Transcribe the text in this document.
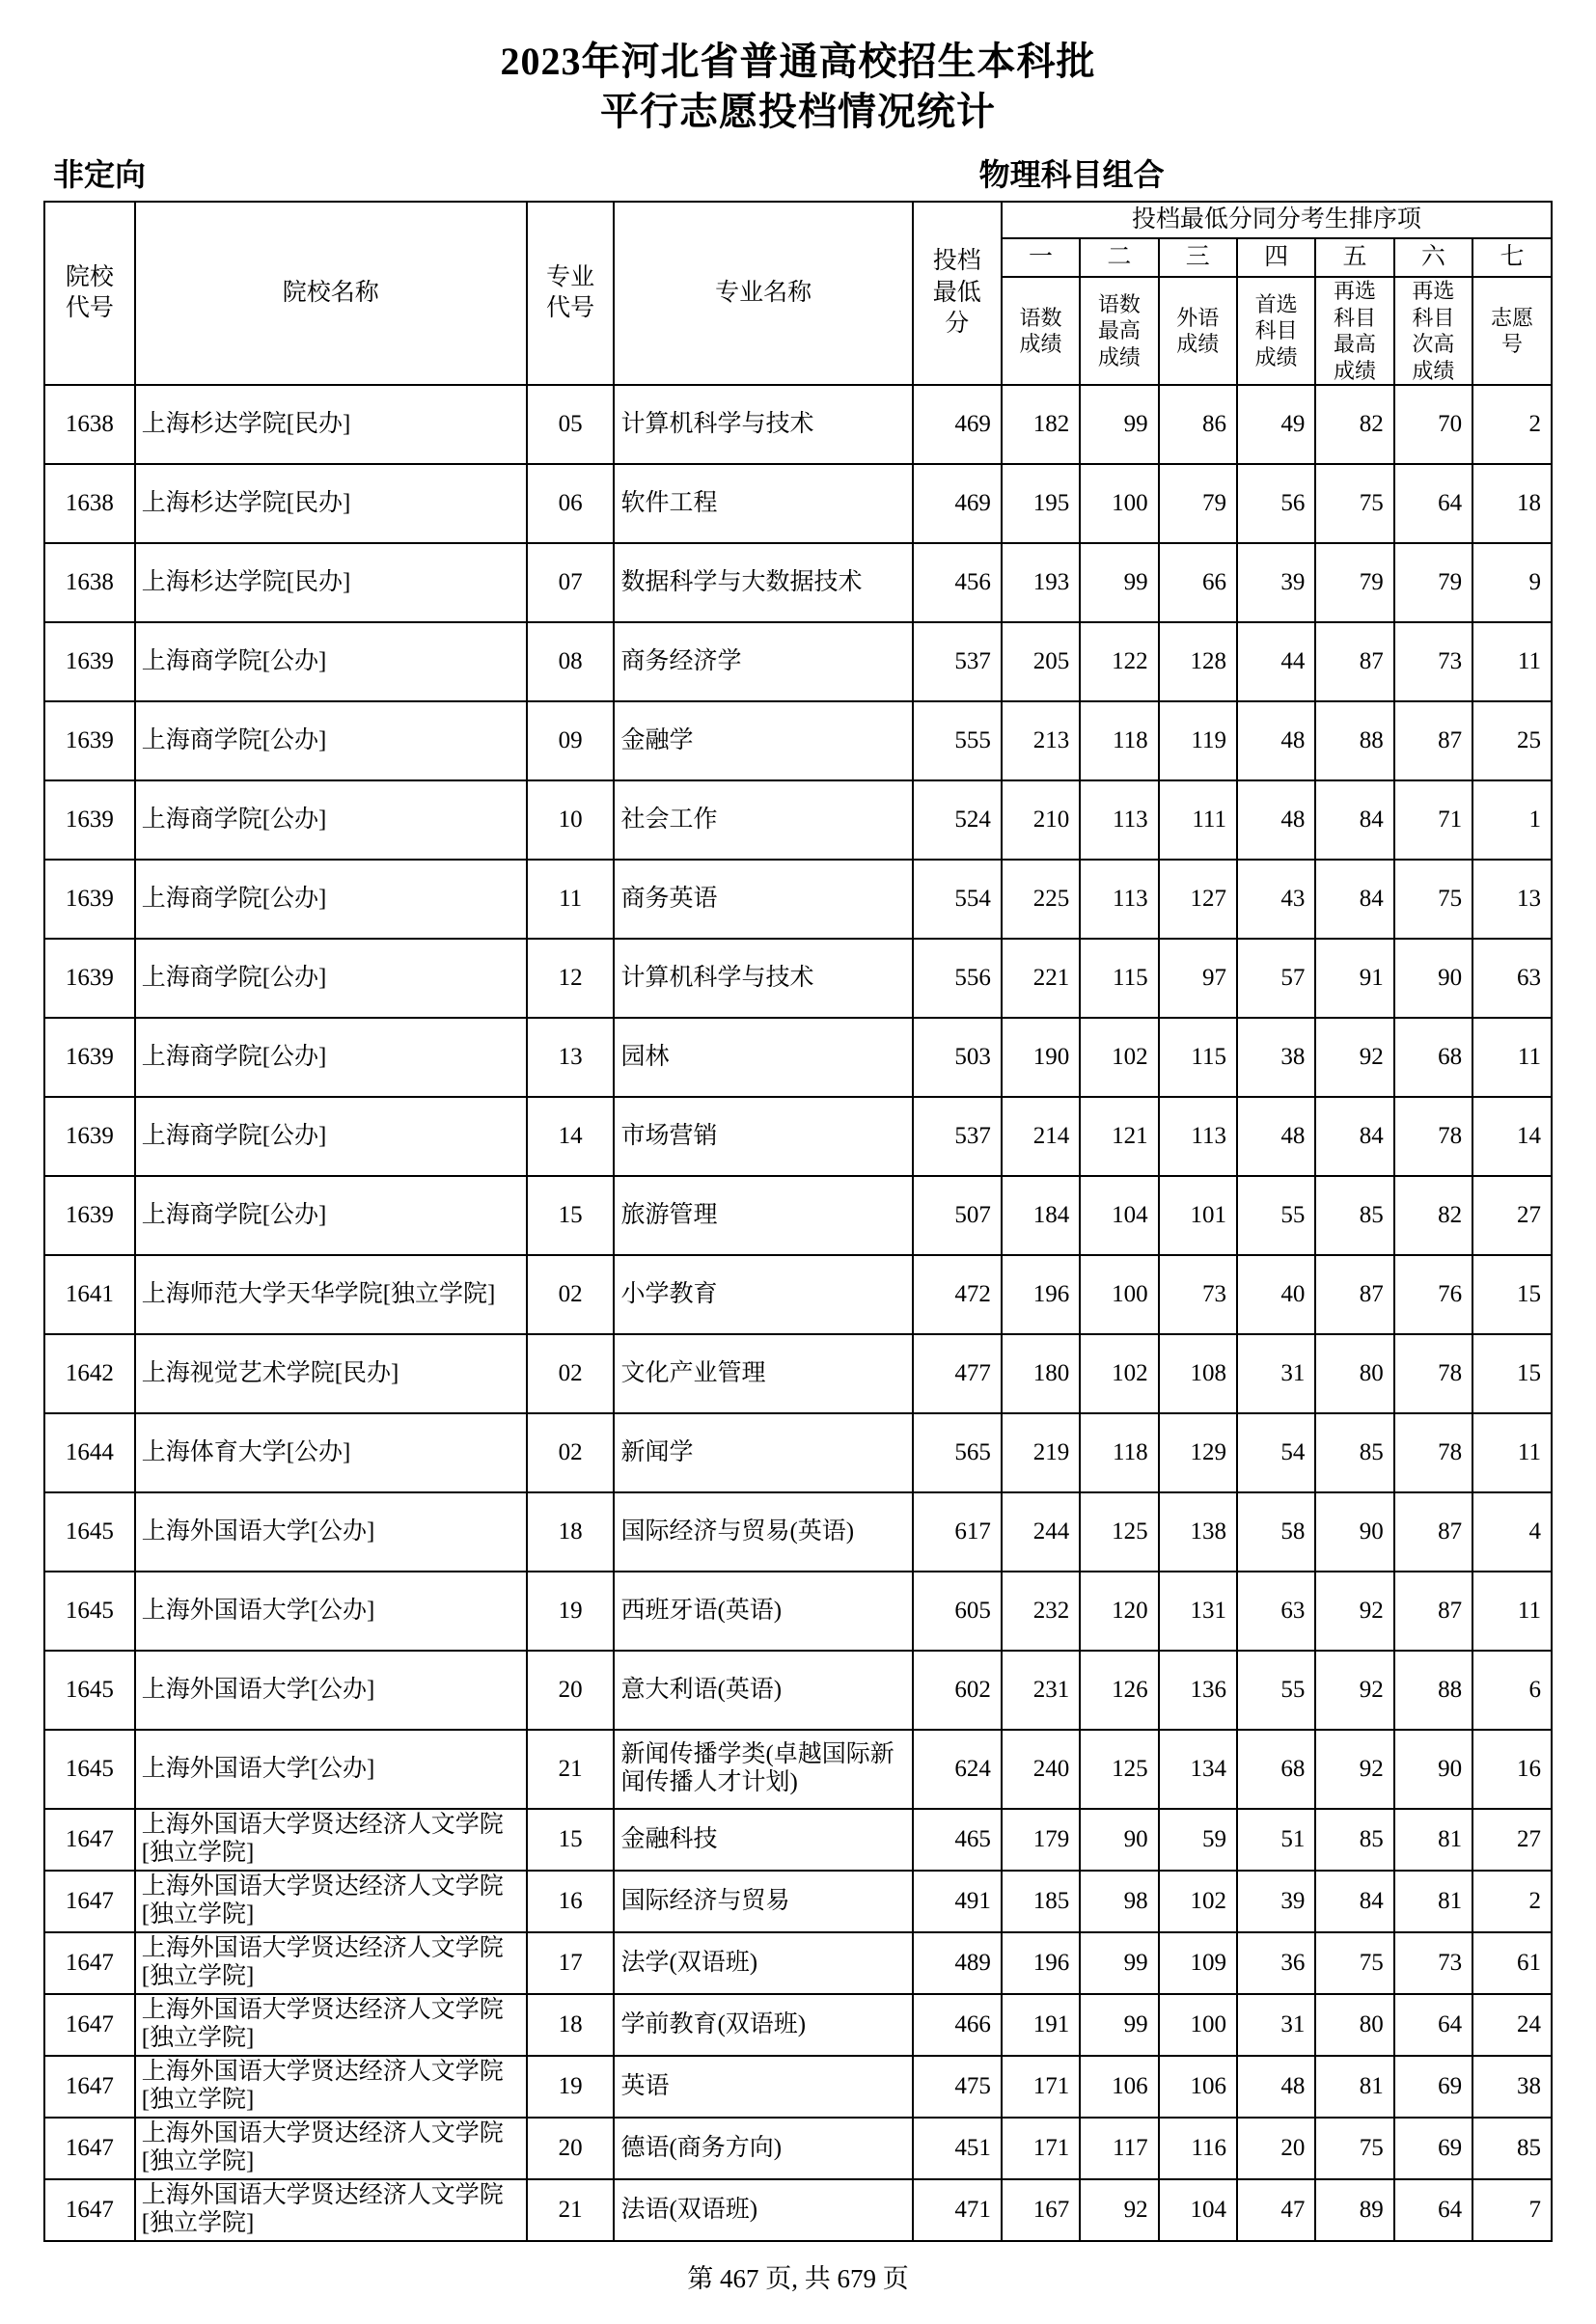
2023年河北省普通高校招生本科批
平行志愿投档情况统计
非定向	物理科目组合
院校代号	院校名称	专业代号	专业名称	投档最低分	投档最低分同分考生排序项						
					一	二	三	四	五	六	七
					语数成绩	语数最高成绩	外语成绩	首选科目成绩	再选科目最高成绩	再选科目次高成绩	志愿号
1638	上海杉达学院[民办]	05	计算机科学与技术	469	182	99	86	49	82	70	2
1638	上海杉达学院[民办]	06	软件工程	469	195	100	79	56	75	64	18
1638	上海杉达学院[民办]	07	数据科学与大数据技术	456	193	99	66	39	79	79	9
1639	上海商学院[公办]	08	商务经济学	537	205	122	128	44	87	73	11
1639	上海商学院[公办]	09	金融学	555	213	118	119	48	88	87	25
1639	上海商学院[公办]	10	社会工作	524	210	113	111	48	84	71	1
1639	上海商学院[公办]	11	商务英语	554	225	113	127	43	84	75	13
1639	上海商学院[公办]	12	计算机科学与技术	556	221	115	97	57	91	90	63
1639	上海商学院[公办]	13	园林	503	190	102	115	38	92	68	11
1639	上海商学院[公办]	14	市场营销	537	214	121	113	48	84	78	14
1639	上海商学院[公办]	15	旅游管理	507	184	104	101	55	85	82	27
1641	上海师范大学天华学院[独立学院]	02	小学教育	472	196	100	73	40	87	76	15
1642	上海视觉艺术学院[民办]	02	文化产业管理	477	180	102	108	31	80	78	15
1644	上海体育大学[公办]	02	新闻学	565	219	118	129	54	85	78	11
1645	上海外国语大学[公办]	18	国际经济与贸易(英语)	617	244	125	138	58	90	87	4
1645	上海外国语大学[公办]	19	西班牙语(英语)	605	232	120	131	63	92	87	11
1645	上海外国语大学[公办]	20	意大利语(英语)	602	231	126	136	55	92	88	6
1645	上海外国语大学[公办]	21	新闻传播学类(卓越国际新闻传播人才计划)	624	240	125	134	68	92	90	16
1647	上海外国语大学贤达经济人文学院[独立学院]	15	金融科技	465	179	90	59	51	85	81	27
1647	上海外国语大学贤达经济人文学院[独立学院]	16	国际经济与贸易	491	185	98	102	39	84	81	2
1647	上海外国语大学贤达经济人文学院[独立学院]	17	法学(双语班)	489	196	99	109	36	75	73	61
1647	上海外国语大学贤达经济人文学院[独立学院]	18	学前教育(双语班)	466	191	99	100	31	80	64	24
1647	上海外国语大学贤达经济人文学院[独立学院]	19	英语	475	171	106	106	48	81	69	38
1647	上海外国语大学贤达经济人文学院[独立学院]	20	德语(商务方向)	451	171	117	116	20	75	69	85
1647	上海外国语大学贤达经济人文学院[独立学院]	21	法语(双语班)	471	167	92	104	47	89	64	7
第 467 页, 共 679 页
